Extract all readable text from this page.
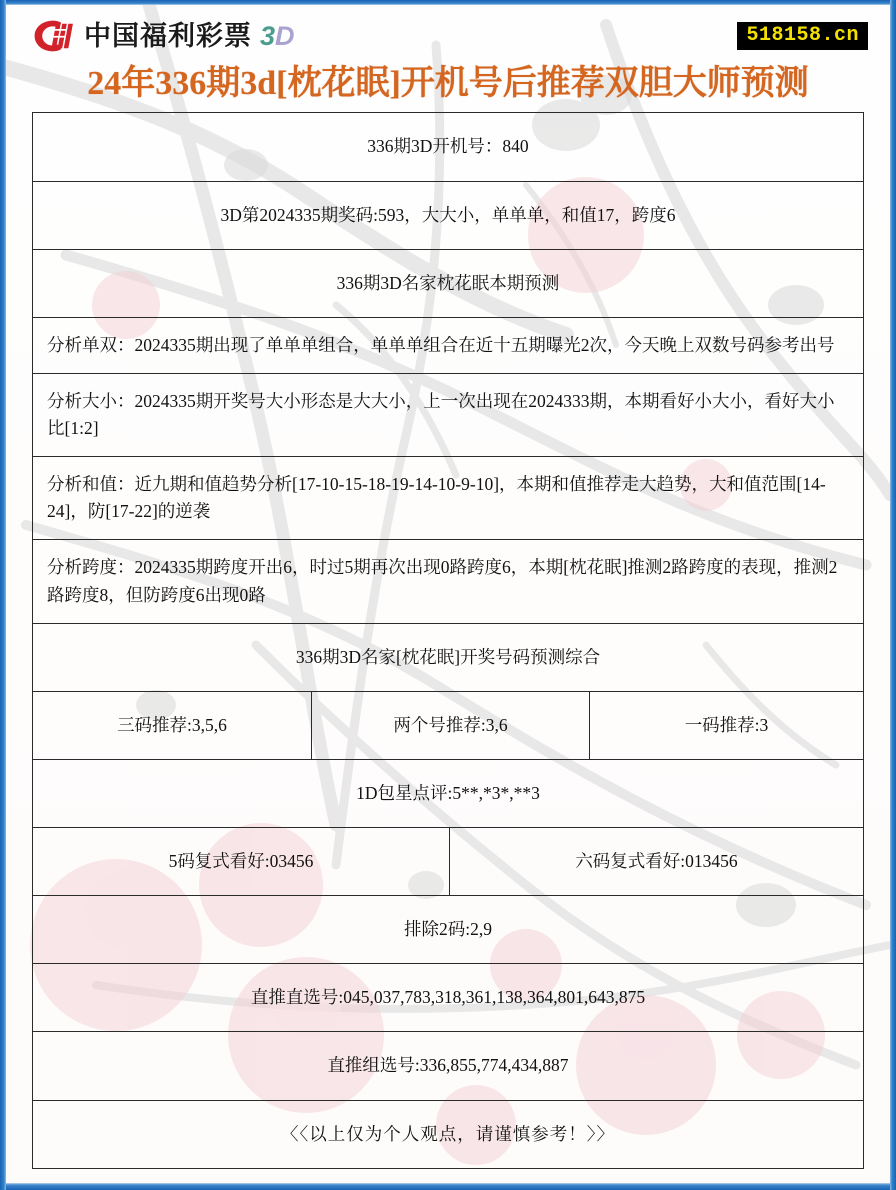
中国福利彩票 3D	518158.cn
24年336期3d[枕花眠]开机号后推荐双胆大师预测
336期3D开机号：840
3D第2024335期奖码:593，大大小，单单单，和值17，跨度6
336期3D名家枕花眠本期预测
分析单双：2024335期出现了单单单组合，单单单组合在近十五期曝光2次，今天晚上双数号码参考出号
分析大小：2024335期开奖号大小形态是大大小，上一次出现在2024333期，本期看好小大小，看好大小比[1:2]
分析和值：近九期和值趋势分析[17-10-15-18-19-14-10-9-10]，本期和值推荐走大趋势，大和值范围[14-24]，防[17-22]的逆袭
分析跨度：2024335期跨度开出6，时过5期再次出现0路跨度6，本期[枕花眠]推测2路跨度的表现，推测2路跨度8，但防跨度6出现0路
336期3D名家[枕花眠]开奖号码预测综合
三码推荐:3,5,6	两个号推荐:3,6	一码推荐:3
1D包星点评:5**,*3*,**3
5码复式看好:03456	六码复式看好:013456
排除2码:2,9
直推直选号:045,037,783,318,361,138,364,801,643,875
直推组选号:336,855,774,434,887
〈〈以上仅为个人观点，请谨慎参考！〉〉
